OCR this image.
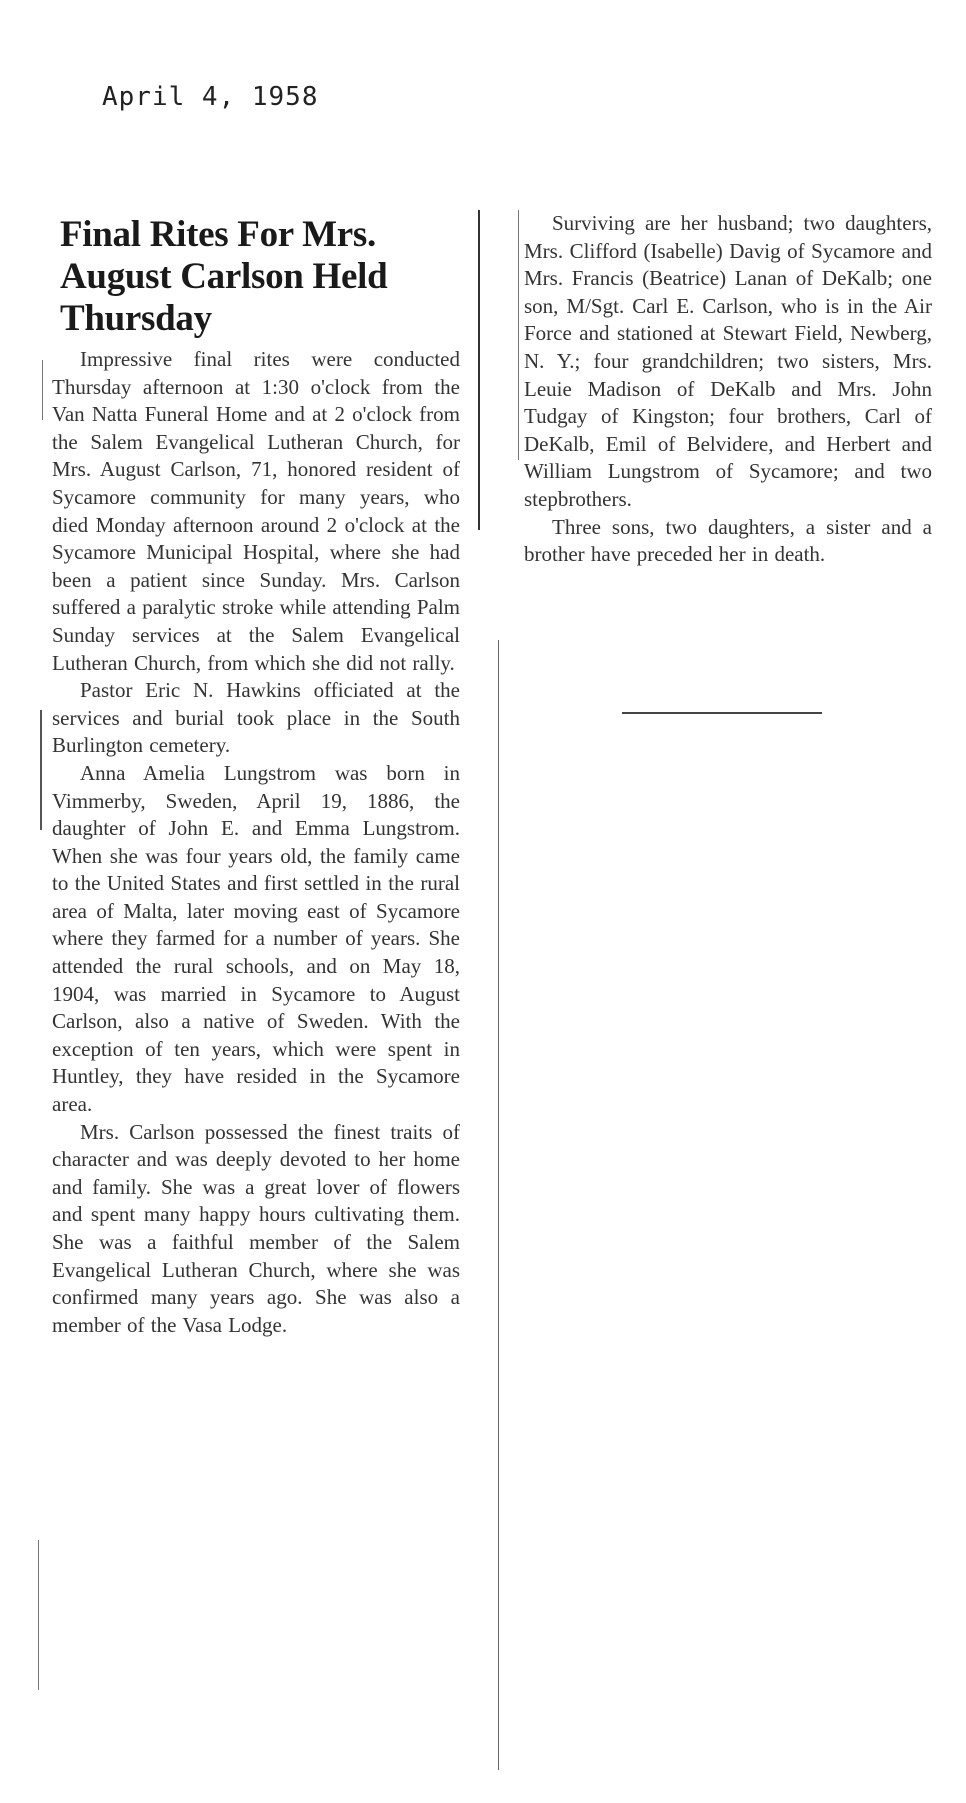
April 4, 1958
Final Rites For Mrs. August Carlson Held Thursday

Impressive final rites were conducted Thursday afternoon at 1:30 o'clock from the Van Natta Funeral Home and at 2 o'clock from the Salem Evangelical Lutheran Church, for Mrs. August Carlson, 71, honored resident of Sycamore community for many years, who died Monday afternoon around 2 o'clock at the Sycamore Municipal Hospital, where she had been a patient since Sunday. Mrs. Carlson suffered a paralytic stroke while attending Palm Sunday services at the Salem Evangelical Lutheran Church, from which she did not rally.

Pastor Eric N. Hawkins officiated at the services and burial took place in the South Burlington cemetery.

Anna Amelia Lungstrom was born in Vimmerby, Sweden, April 19, 1886, the daughter of John E. and Emma Lungstrom. When she was four years old, the family came to the United States and first settled in the rural area of Malta, later moving east of Sycamore where they farmed for a number of years. She attended the rural schools, and on May 18, 1904, was married in Sycamore to August Carlson, also a native of Sweden. With the exception of ten years, which were spent in Huntley, they have resided in the Sycamore area.

Mrs. Carlson possessed the finest traits of character and was deeply devoted to her home and family. She was a great lover of flowers and spent many happy hours cultivating them. She was a faithful member of the Salem Evangelical Lutheran Church, where she was confirmed many years ago. She was also a member of the Vasa Lodge.

Surviving are her husband; two daughters, Mrs. Clifford (Isabelle) Davig of Sycamore and Mrs. Francis (Beatrice) Lanan of DeKalb; one son, M/Sgt. Carl E. Carlson, who is in the Air Force and stationed at Stewart Field, Newberg, N. Y.; four grandchildren; two sisters, Mrs. Leuie Madison of DeKalb and Mrs. John Tudgay of Kingston; four brothers, Carl of DeKalb, Emil of Belvidere, and Herbert and William Lungstrom of Sycamore; and two stepbrothers.

Three sons, two daughters, a sister and a brother have preceded her in death.
